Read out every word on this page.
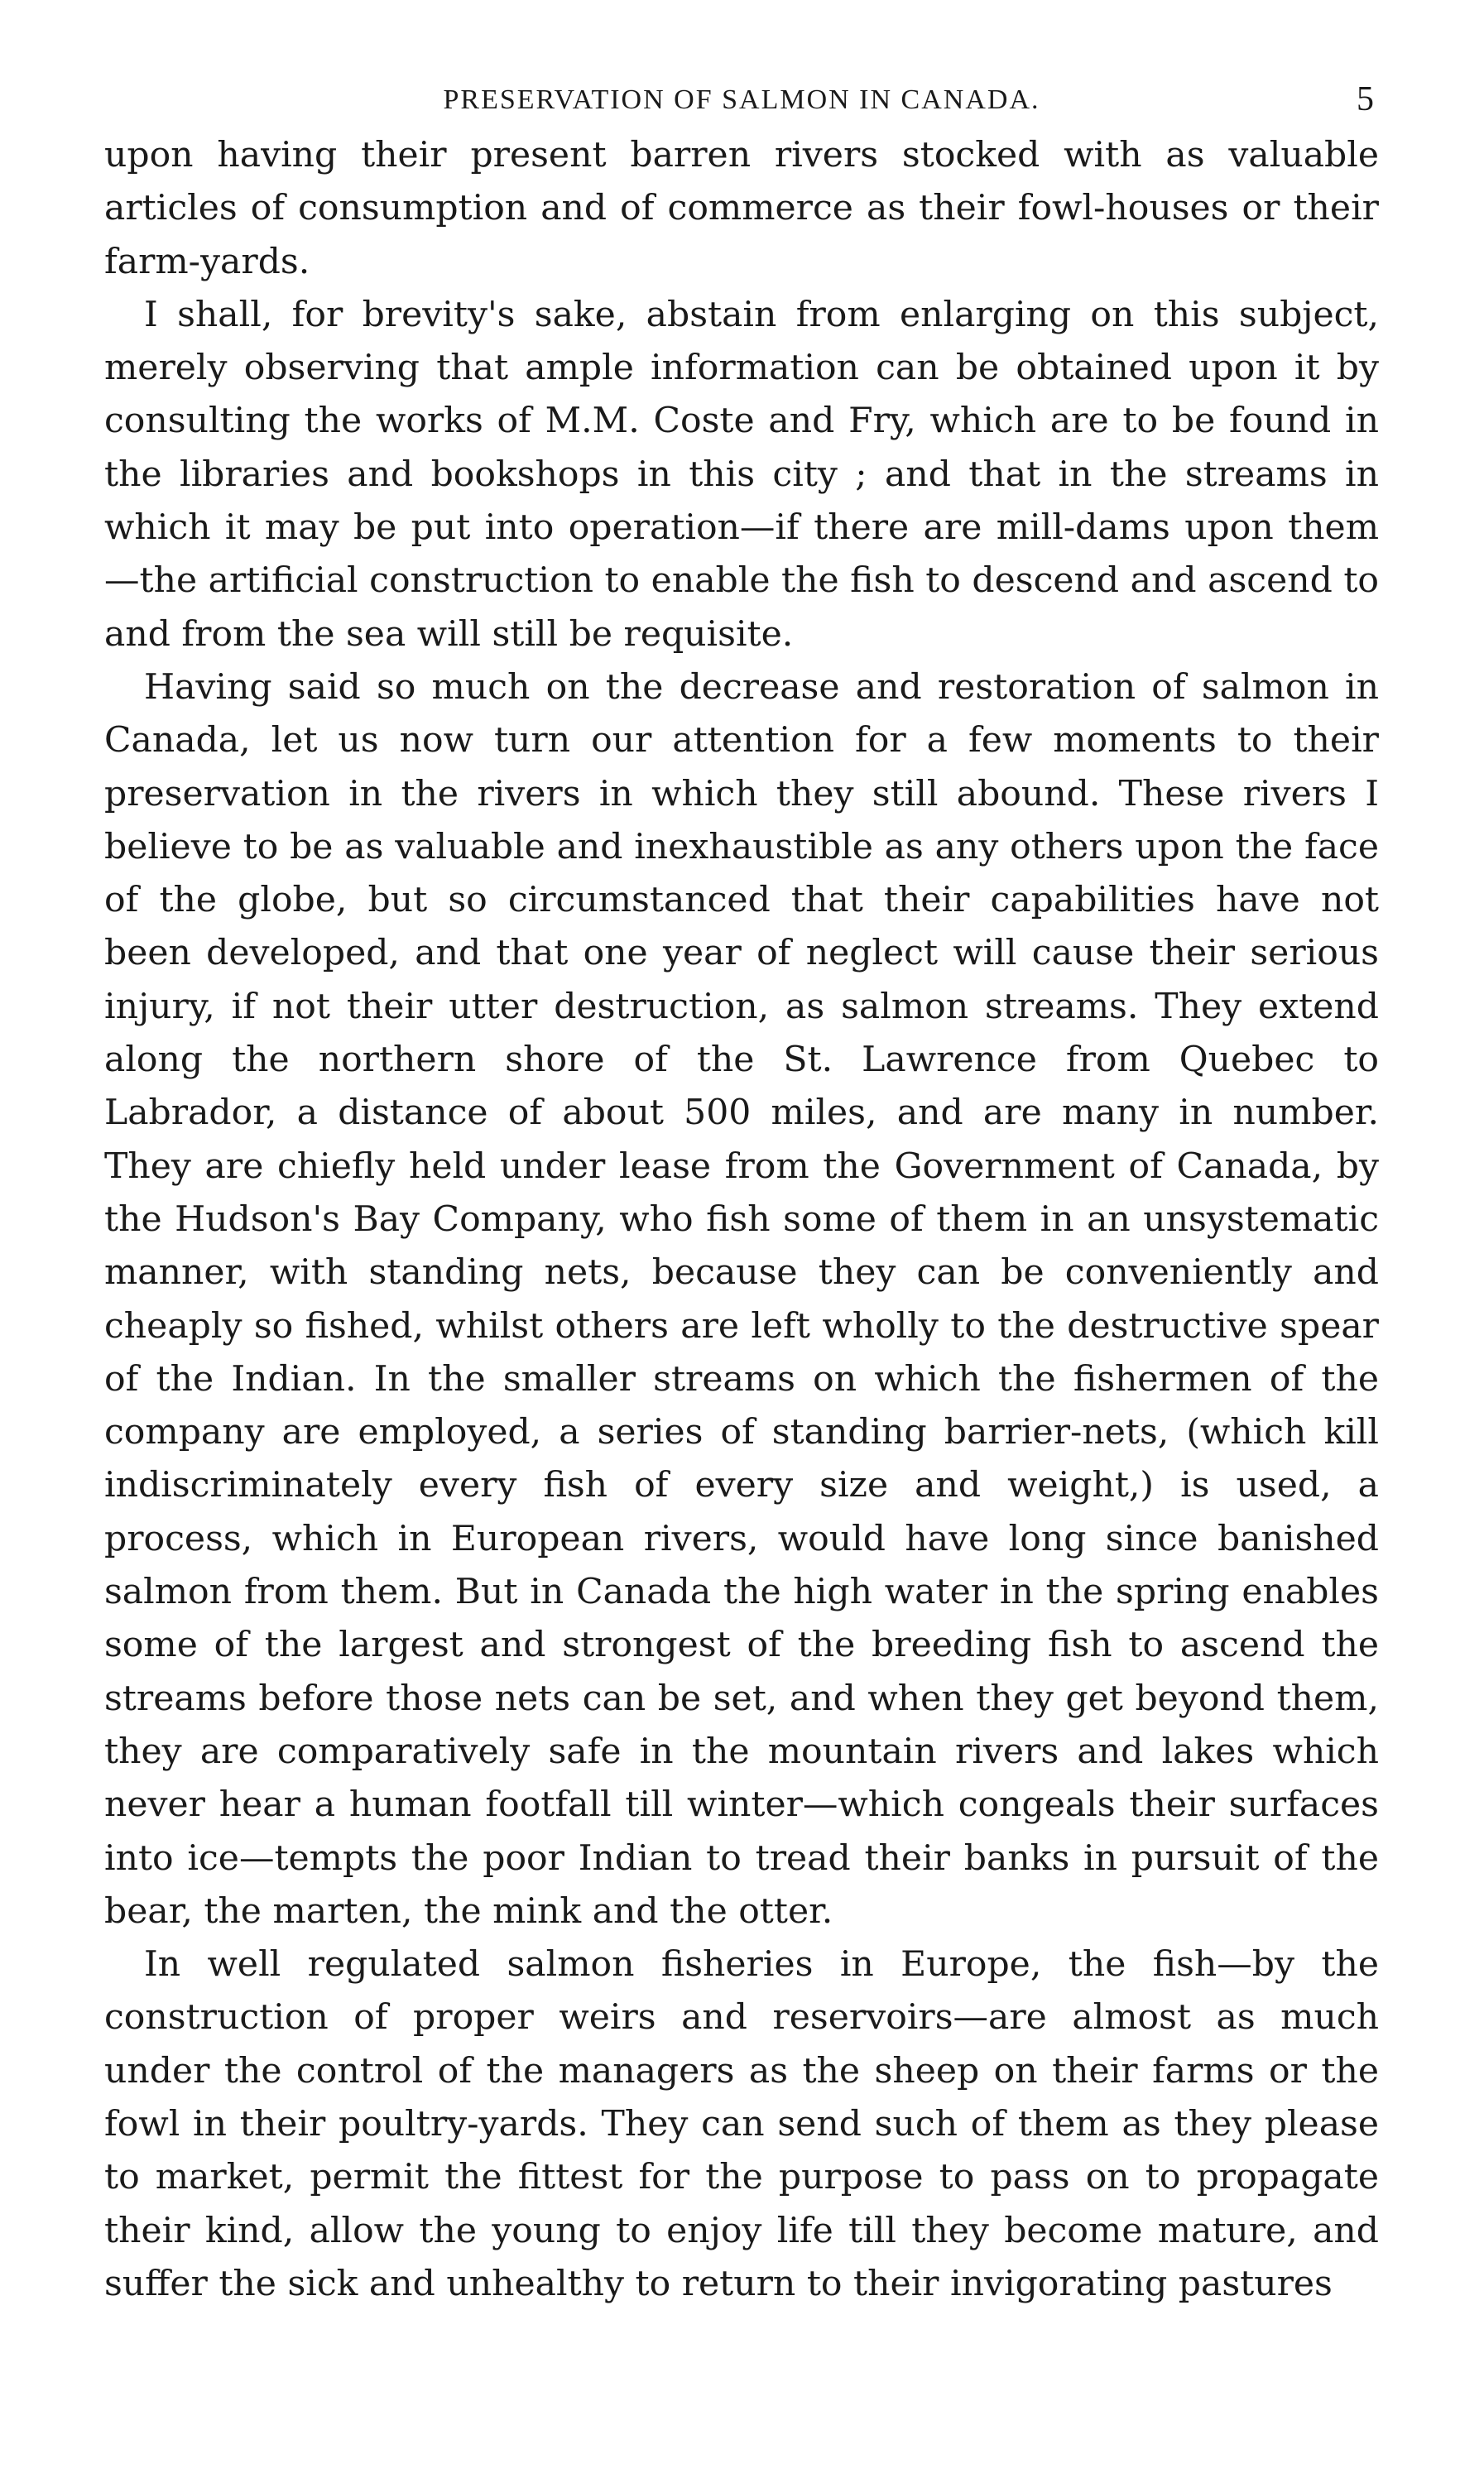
PRESERVATION OF SALMON IN CANADA.	5

upon having their present barren rivers stocked with as valuable articles of consumption and of commerce as their fowl-houses or their farm-yards.

I shall, for brevity's sake, abstain from enlarging on this subject, merely observing that ample information can be obtained upon it by consulting the works of M.M. Coste and Fry, which are to be found in the libraries and bookshops in this city ; and that in the streams in which it may be put into operation—if there are mill-dams upon them—the artificial construction to enable the fish to descend and ascend to and from the sea will still be requisite.

Having said so much on the decrease and restoration of salmon in Canada, let us now turn our attention for a few moments to their preservation in the rivers in which they still abound. These rivers I believe to be as valuable and inexhaustible as any others upon the face of the globe, but so circumstanced that their capabilities have not been developed, and that one year of neglect will cause their serious injury, if not their utter destruction, as salmon streams. They extend along the northern shore of the St. Lawrence from Quebec to Labrador, a distance of about 500 miles, and are many in number. They are chiefly held under lease from the Government of Canada, by the Hudson's Bay Company, who fish some of them in an unsystematic manner, with standing nets, because they can be conveniently and cheaply so fished, whilst others are left wholly to the destructive spear of the Indian. In the smaller streams on which the fishermen of the company are employed, a series of standing barrier-nets, (which kill indiscriminately every fish of every size and weight,) is used, a process, which in European rivers, would have long since banished salmon from them. But in Canada the high water in the spring enables some of the largest and strongest of the breeding fish to ascend the streams before those nets can be set, and when they get beyond them, they are comparatively safe in the mountain rivers and lakes which never hear a human footfall till winter—which congeals their surfaces into ice—tempts the poor Indian to tread their banks in pursuit of the bear, the marten, the mink and the otter.

In well regulated salmon fisheries in Europe, the fish—by the construction of proper weirs and reservoirs—are almost as much under the control of the managers as the sheep on their farms or the fowl in their poultry-yards. They can send such of them as they please to market, permit the fittest for the purpose to pass on to propagate their kind, allow the young to enjoy life till they become mature, and suffer the sick and unhealthy to return to their invigorating pastures
